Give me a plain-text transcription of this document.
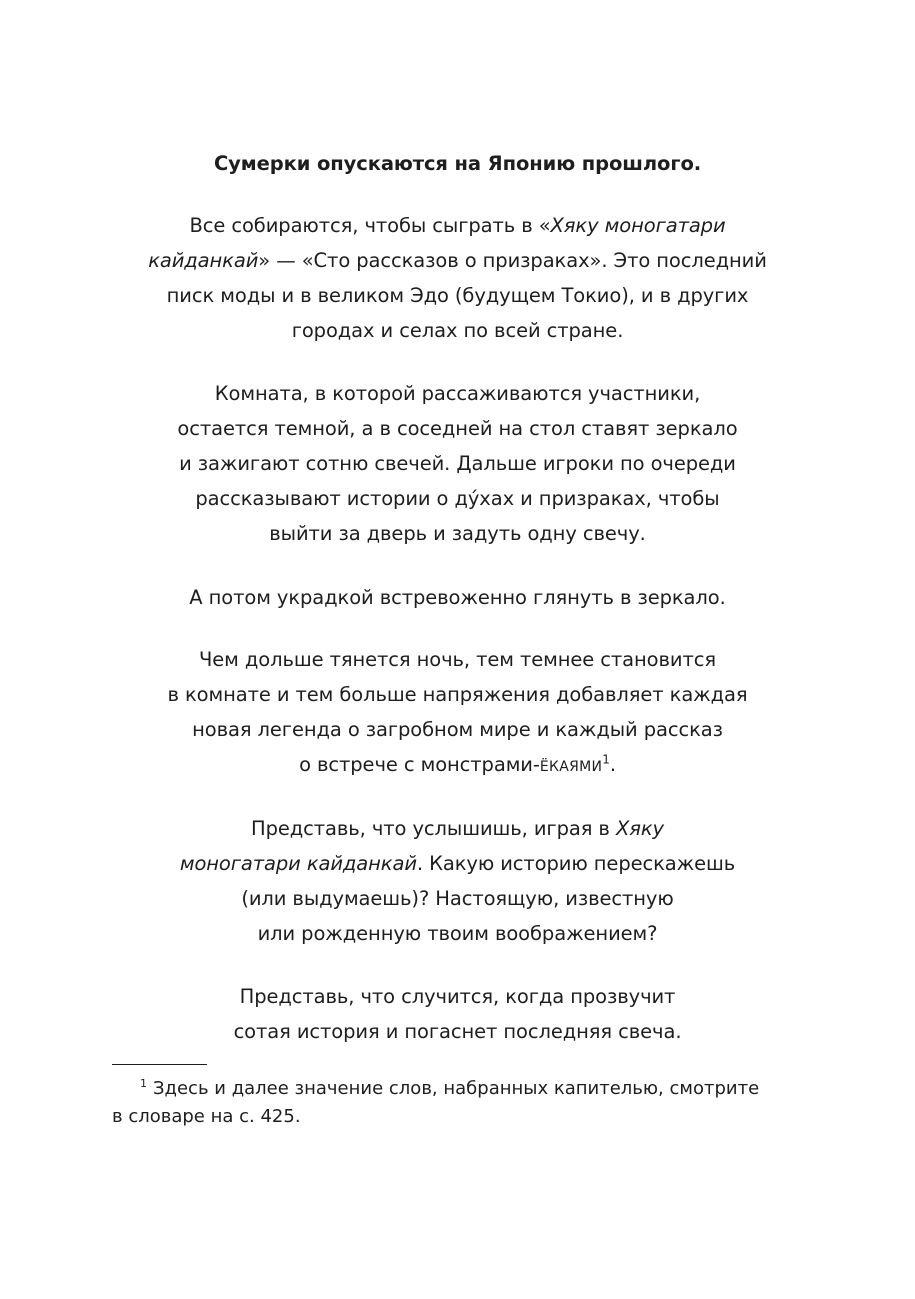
Сумерки опускаются на Японию прошлого.
Все собираются, чтобы сыграть в «Хяку моногатари
кайданкай» — «Сто рассказов о призраках». Это последний
писк моды и в великом Эдо (будущем Токио), и в других
городах и селах по всей стране.
Комната, в которой рассаживаются участники,
остается темной, а в соседней на стол ставят зеркало
и зажигают сотню свечей. Дальше игроки по очереди
рассказывают истории о ду́хах и призраках, чтобы
выйти за дверь и задуть одну свечу.
А потом украдкой встревоженно глянуть в зеркало.
Чем дольше тянется ночь, тем темнее становится
в комнате и тем больше напряжения добавляет каждая
новая легенда о загробном мире и каждый рассказ
о встрече с монстрами-ёкаями$^1$.
Представь, что услышишь, играя в Хяку
моногатари кайданкай. Какую историю перескажешь
(или выдумаешь)? Настоящую, известную
или рожденную твоим воображением?
Представь, что случится, когда прозвучит
сотая история и погаснет последняя свеча.
$^1$ Здесь и далее значение слов, набранных капителью, смотрите
в словаре на с. 425.
